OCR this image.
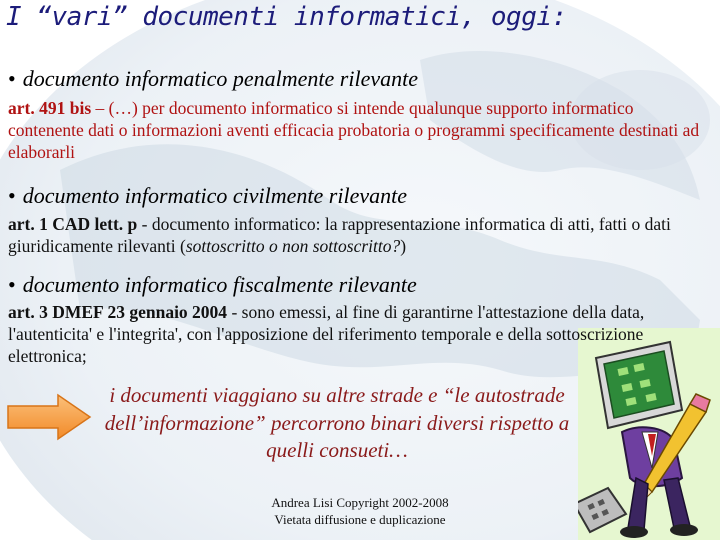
I “vari” documenti informatici, oggi:
• documento informatico penalmente rilevante

art. 491 bis – (…) per documento informatico si intende qualunque supporto informatico contenente dati o informazioni aventi efficacia probatoria o programmi specificamente destinati ad elaborarli

• documento informatico civilmente rilevante

art. 1 CAD lett. p - documento informatico: la rappresentazione informatica di atti, fatti o dati giuridicamente rilevanti (sottoscritto o non sottoscritto?)

• documento informatico fiscalmente rilevante

art. 3 DMEF 23 gennaio 2004 - sono emessi, al fine di garantirne l'attestazione della data, l'autenticita' e l'integrita', con l'apposizione del riferimento temporale e della sottoscrizione elettronica;

i documenti viaggiano su altre strade e “le autostrade dell’informazione” percorrono binari diversi rispetto a quelli consueti…

Andrea Lisi Copyright 2002-2008
Vietata diffusione e duplicazione
